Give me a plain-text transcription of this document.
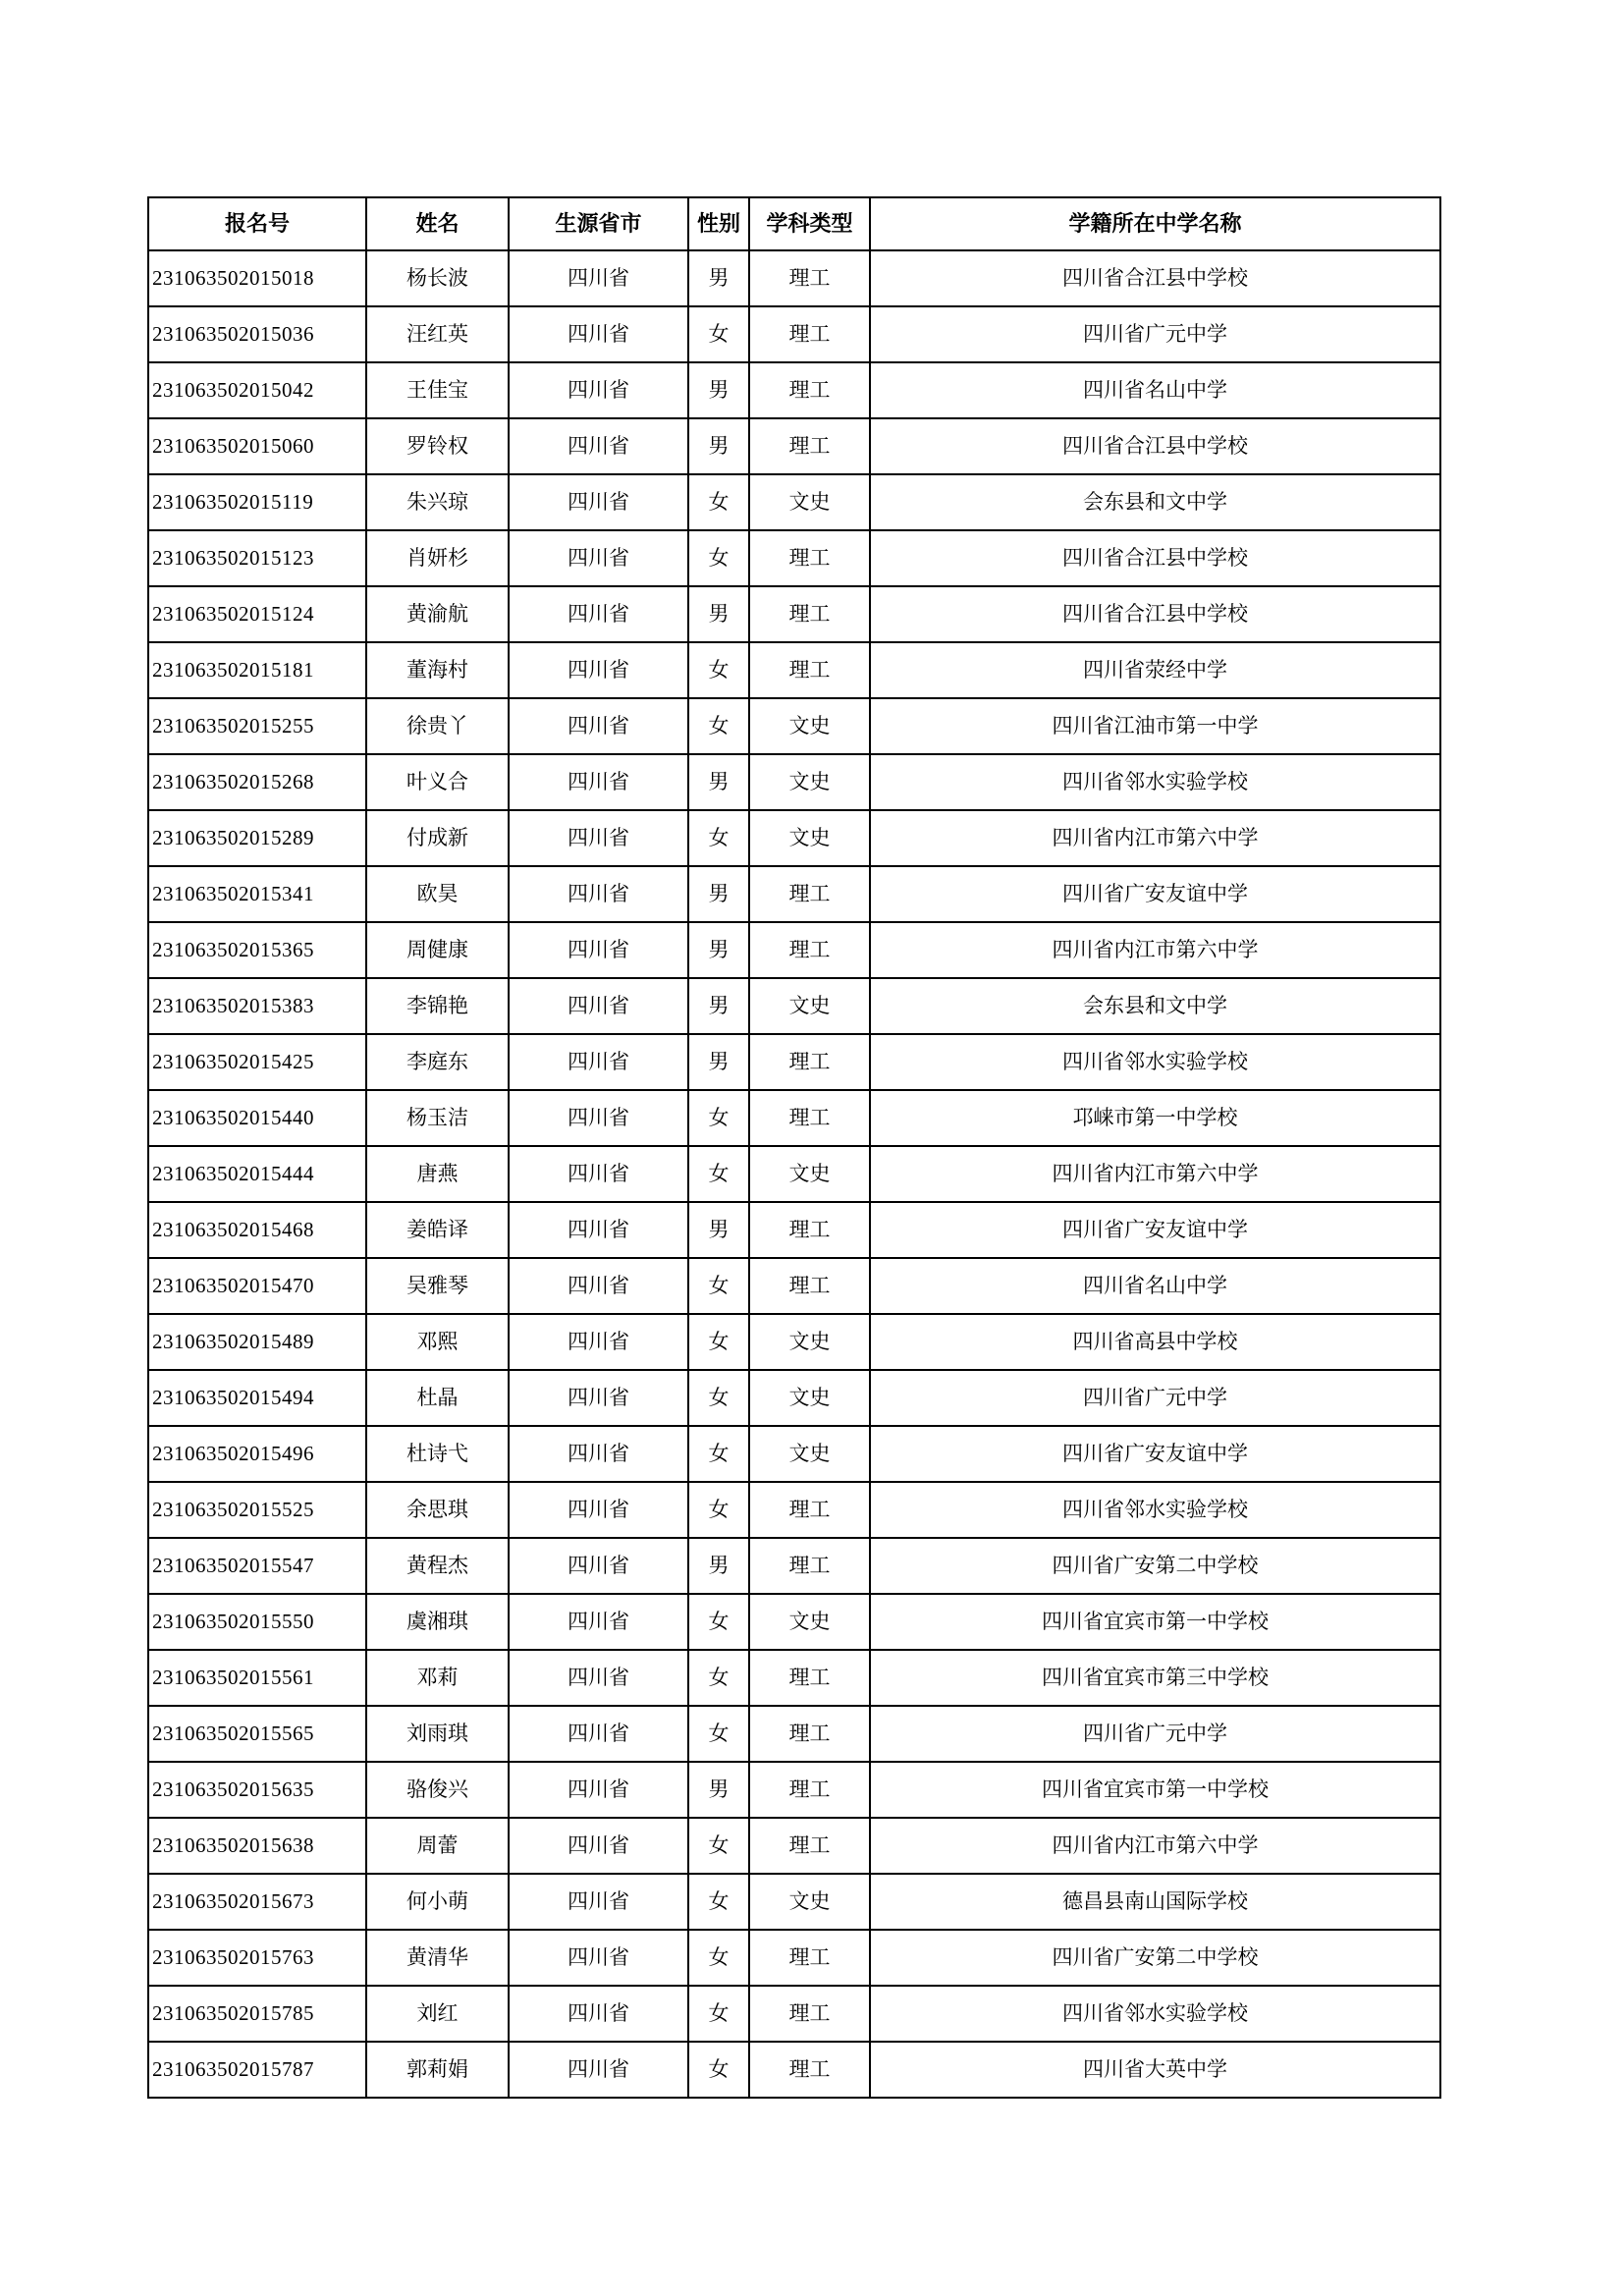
报名号	姓名	生源省市	性别	学科类型	学籍所在中学名称
231063502015018	杨长波	四川省	男	理工	四川省合江县中学校
231063502015036	汪红英	四川省	女	理工	四川省广元中学
231063502015042	王佳宝	四川省	男	理工	四川省名山中学
231063502015060	罗铃权	四川省	男	理工	四川省合江县中学校
231063502015119	朱兴琼	四川省	女	文史	会东县和文中学
231063502015123	肖妍杉	四川省	女	理工	四川省合江县中学校
231063502015124	黄渝航	四川省	男	理工	四川省合江县中学校
231063502015181	董海村	四川省	女	理工	四川省荥经中学
231063502015255	徐贵丫	四川省	女	文史	四川省江油市第一中学
231063502015268	叶义合	四川省	男	文史	四川省邻水实验学校
231063502015289	付成新	四川省	女	文史	四川省内江市第六中学
231063502015341	欧昊	四川省	男	理工	四川省广安友谊中学
231063502015365	周健康	四川省	男	理工	四川省内江市第六中学
231063502015383	李锦艳	四川省	男	文史	会东县和文中学
231063502015425	李庭东	四川省	男	理工	四川省邻水实验学校
231063502015440	杨玉洁	四川省	女	理工	邛崃市第一中学校
231063502015444	唐燕	四川省	女	文史	四川省内江市第六中学
231063502015468	姜皓译	四川省	男	理工	四川省广安友谊中学
231063502015470	吴雅琴	四川省	女	理工	四川省名山中学
231063502015489	邓熙	四川省	女	文史	四川省高县中学校
231063502015494	杜晶	四川省	女	文史	四川省广元中学
231063502015496	杜诗弋	四川省	女	文史	四川省广安友谊中学
231063502015525	余思琪	四川省	女	理工	四川省邻水实验学校
231063502015547	黄程杰	四川省	男	理工	四川省广安第二中学校
231063502015550	虞湘琪	四川省	女	文史	四川省宜宾市第一中学校
231063502015561	邓莉	四川省	女	理工	四川省宜宾市第三中学校
231063502015565	刘雨琪	四川省	女	理工	四川省广元中学
231063502015635	骆俊兴	四川省	男	理工	四川省宜宾市第一中学校
231063502015638	周蕾	四川省	女	理工	四川省内江市第六中学
231063502015673	何小萌	四川省	女	文史	德昌县南山国际学校
231063502015763	黄清华	四川省	女	理工	四川省广安第二中学校
231063502015785	刘红	四川省	女	理工	四川省邻水实验学校
231063502015787	郭莉娟	四川省	女	理工	四川省大英中学
